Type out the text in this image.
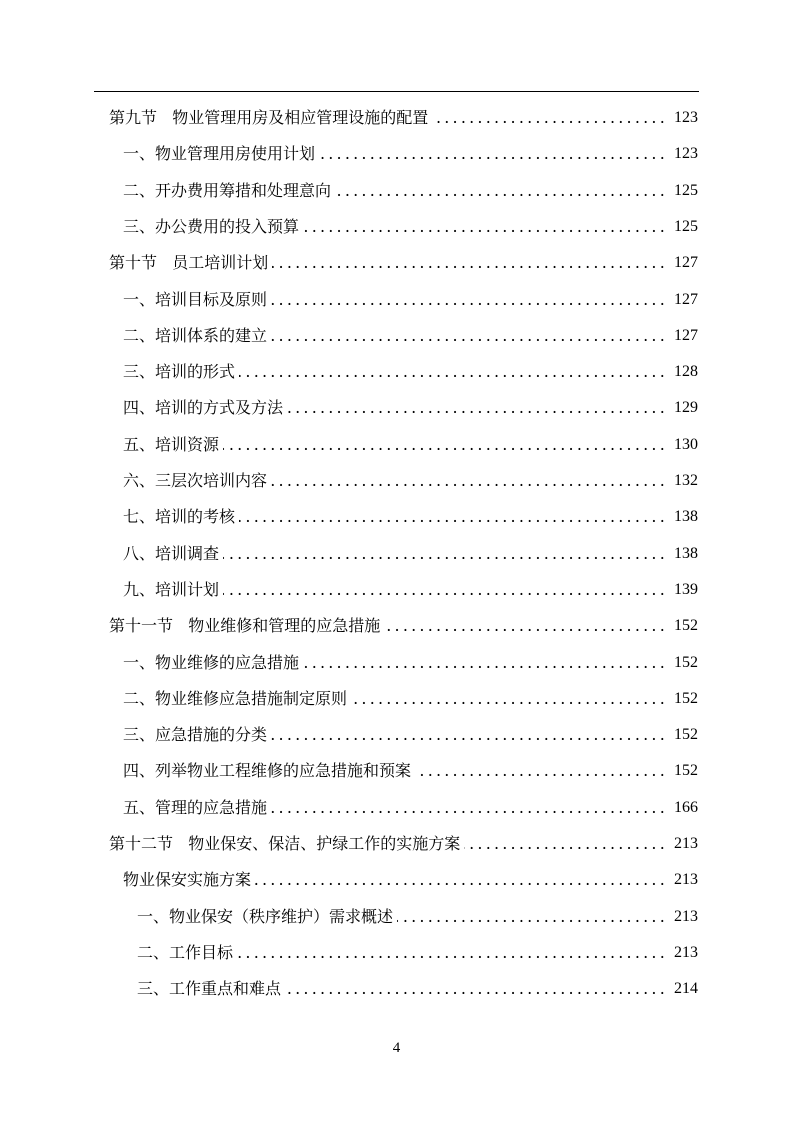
第九节   物业管理用房及相应管理设施的配置 .....	123
一、物业管理用房使用计划 .....	123
二、开办费用筹措和处理意向 .....	125
三、办公费用的投入预算 .....	125
第十节   员工培训计划 .....	127
一、培训目标及原则 .....	127
二、培训体系的建立 .....	127
三、培训的形式 .....	128
四、培训的方式及方法 .....	129
五、培训资源 .....	130
六、三层次培训内容 .....	132
七、培训的考核 .....	138
八、培训调查 .....	138
九、培训计划 .....	139
第十一节   物业维修和管理的应急措施 .....	152
一、物业维修的应急措施 .....	152
二、物业维修应急措施制定原则 .....	152
三、应急措施的分类 .....	152
四、列举物业工程维修的应急措施和预案 .....	152
五、管理的应急措施 .....	166
第十二节   物业保安、保洁、护绿工作的实施方案 .....	213
物业保安实施方案 .....	213
一、物业保安（秩序维护）需求概述 .....	213
二、工作目标 .....	213
三、工作重点和难点 .....	214
4
